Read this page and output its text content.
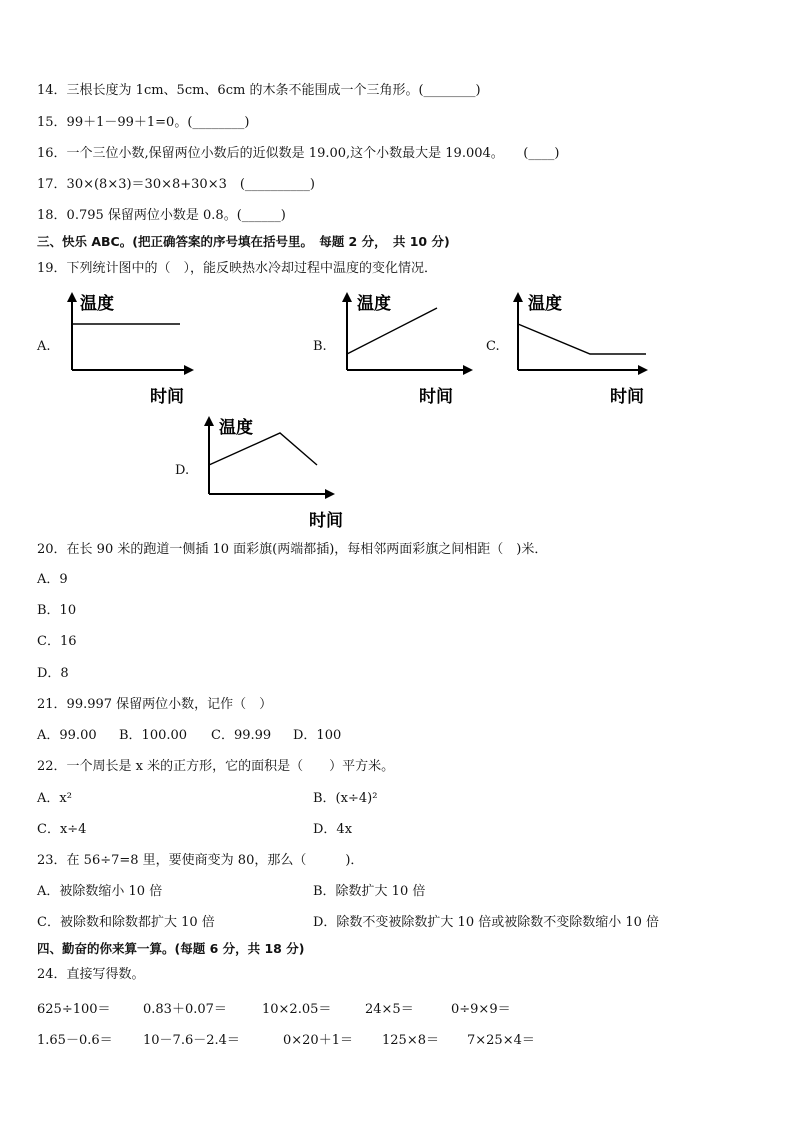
14．三根长度为 1cm、5cm、6cm 的木条不能围成一个三角形。(________)
15．99＋1－99＋1=0。(________)
16．一个三位小数,保留两位小数后的近似数是 19.00,这个小数最大是 19.004。　　(____)
17．30×(8×3)＝30×8+30×3　(__________)
18．0.795 保留两位小数是 0.8。(______)
三、快乐 ABC。(把正确答案的序号填在括号里。　每题 2 分，　共 10 分)
19．下列统计图中的（　），能反映热水冷却过程中温度的变化情况．
A.
温度
时间
B.
温度
时间
C.
温度
时间
D.
温度
时间
20．在长 90 米的跑道一侧插 10 面彩旗(两端都插)，每相邻两面彩旗之间相距（　)米．
A．9
B．10
C．16
D．8
21．99.997 保留两位小数，记作（　）
A．99.00 B．100.00 C．99.99 D．100
22．一个周长是 x 米的正方形，它的面积是（　　）平方米。
A．x²	B．(x÷4)²
C．x÷4	D．4x
23．在 56÷7=8 里，要使商变为 80，那么（　　　)．
A．被除数缩小 10 倍	B．除数扩大 10 倍
C．被除数和除数都扩大 10 倍	D．除数不变被除数扩大 10 倍或被除数不变除数缩小 10 倍
四、勤奋的你来算一算。(每题 6 分，共 18 分)
24．直接写得数。
625÷100＝ 0.83＋0.07＝	10×2.05＝	24×5＝	0÷9×9＝
1.65－0.6＝ 10－7.6－2.4＝	0×20＋1＝ 125×8＝ 7×25×4＝
